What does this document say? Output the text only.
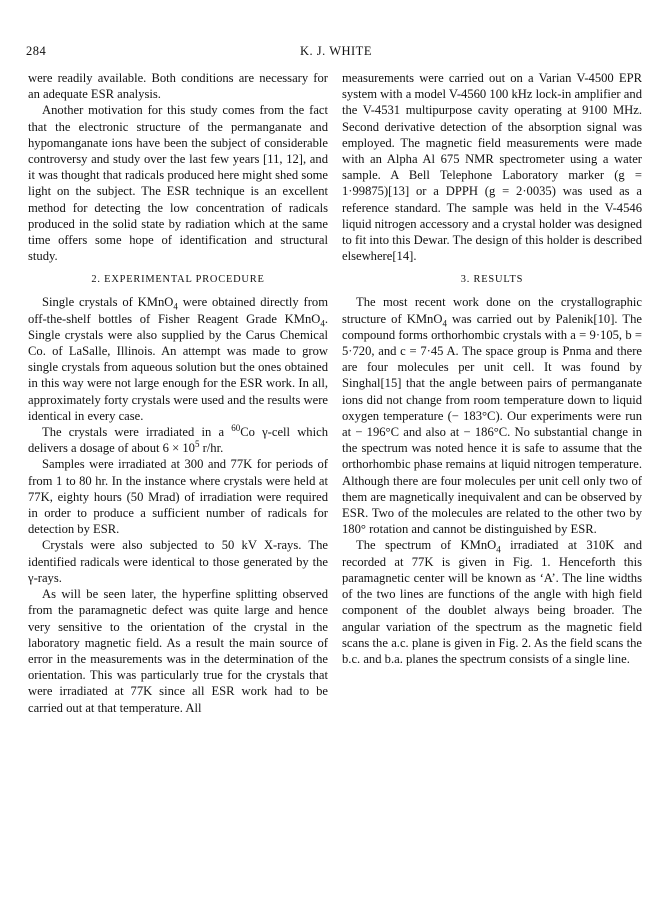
284	K. J. WHITE

were readily available. Both conditions are necessary for an adequate ESR analysis.

Another motivation for this study comes from the fact that the electronic structure of the permanganate and hypomanganate ions have been the subject of considerable controversy and study over the last few years [11, 12], and it was thought that radicals produced here might shed some light on the subject. The ESR technique is an excellent method for detecting the low concentration of radicals produced in the solid state by radiation which at the same time offers some hope of identification and structural study.

2. EXPERIMENTAL PROCEDURE

Single crystals of KMnO$_4$ were obtained directly from off-the-shelf bottles of Fisher Reagent Grade KMnO$_4$. Single crystals were also supplied by the Carus Chemical Co. of LaSalle, Illinois. An attempt was made to grow single crystals from aqueous solution but the ones obtained in this way were not large enough for the ESR work. In all, approximately forty crystals were used and the results were identical in every case.

The crystals were irradiated in a $^{60}$Co γ-cell which delivers a dosage of about $6 \times 10^5$ r/hr.

Samples were irradiated at 300 and 77K for periods of from 1 to 80 hr. In the instance where crystals were held at 77K, eighty hours (50 Mrad) of irradiation were required in order to produce a sufficient number of radicals for detection by ESR.

Crystals were also subjected to 50 kV X-rays. The identified radicals were identical to those generated by the γ-rays.

As will be seen later, the hyperfine splitting observed from the paramagnetic defect was quite large and hence very sensitive to the orientation of the crystal in the laboratory magnetic field. As a result the main source of error in the measurements was in the determination of the orientation. This was particularly true for the crystals that were irradiated at 77K since all ESR work had to be carried out at that temperature. All

measurements were carried out on a Varian V-4500 EPR system with a model V-4560 100 kHz lock-in amplifier and the V-4531 multipurpose cavity operating at 9100 MHz. Second derivative detection of the absorption signal was employed. The magnetic field measurements were made with an Alpha Al 675 NMR spectrometer using a water sample. A Bell Telephone Laboratory marker (g = 1·99875)[13] or a DPPH (g = 2·0035) was used as a reference standard. The sample was held in the V-4546 liquid nitrogen accessory and a crystal holder was designed to fit into this Dewar. The design of this holder is described elsewhere[14].

3. RESULTS

The most recent work done on the crystallographic structure of KMnO$_4$ was carried out by Palenik[10]. The compound forms orthorhombic crystals with a = 9·105, b = 5·720, and c = 7·45 A. The space group is Pnma and there are four molecules per unit cell. It was found by Singhal[15] that the angle between pairs of permanganate ions did not change from room temperature down to liquid oxygen temperature (− 183°C). Our experiments were run at − 196°C and also at − 186°C. No substantial change in the spectrum was noted hence it is safe to assume that the orthorhombic phase remains at liquid nitrogen temperature. Although there are four molecules per unit cell only two of them are magnetically inequivalent and can be observed by ESR. Two of the molecules are related to the other two by 180° rotation and cannot be distinguished by ESR.

The spectrum of KMnO$_4$ irradiated at 310K and recorded at 77K is given in Fig. 1. Henceforth this paramagnetic center will be known as ‘A’. The line widths of the two lines are functions of the angle with high field component of the doublet always being broader. The angular variation of the spectrum as the magnetic field scans the a.c. plane is given in Fig. 2. As the field scans the b.c. and b.a. planes the spectrum consists of a single line.
